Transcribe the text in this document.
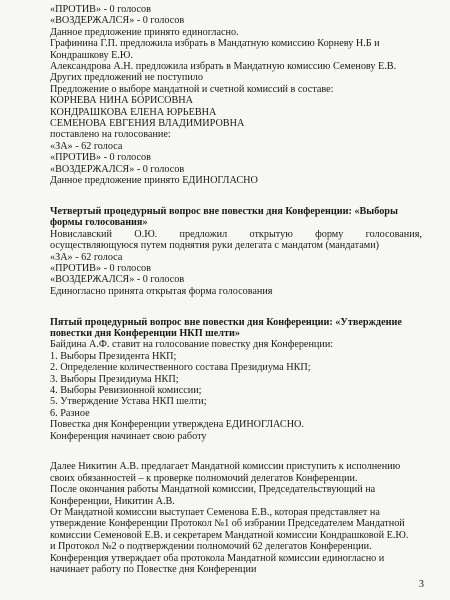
«ПРОТИВ» - 0 голосов
«ВОЗДЕРЖАЛСЯ» - 0 голосов
Данное предложение принято единогласно.
Графинина Г.П. предложила избрать в Мандатную комиссию Корневу Н.Б и
Кондрашкову Е.Ю.
Александрова А.Н. предложила избрать в Мандатную комиссию Семенову Е.В.
Других предложений не поступило
Предложение о выборе мандатной и счетной комиссий в составе:
КОРНЕВА НИНА БОРИСОВНА
КОНДРАШКОВА ЕЛЕНА ЮРЬЕВНА
СЕМЕНОВА ЕВГЕНИЯ ВЛАДИМИРОВНА
поставлено на голосование:
«ЗА» - 62 голоса
«ПРОТИВ» - 0 голосов
«ВОЗДЕРЖАЛСЯ» - 0 голосов
Данное предложение принято ЕДИНОГЛАСНО
Четвертый процедурный вопрос вне повестки дня Конференции: «Выборы
формы голосования»
Новиславский О.Ю. предложил открытую форму голосования,
осуществляющуюся путем поднятия руки делегата с мандатом (мандатами)
«ЗА» - 62 голоса
«ПРОТИВ» - 0 голосов
«ВОЗДЕРЖАЛСЯ» - 0 голосов
Единогласно принята открытая форма голосования
Пятый процедурный вопрос вне повестки дня Конференции: «Утверждение
повестки дня Конференции НКП шелти»
Байдина А.Ф. ставит на голосование повестку дня Конференции:
1. Выборы Президента НКП;
2. Определение количественного состава Президиума НКП;
3. Выборы Президиума НКП;
4. Выборы Ревизионной комиссии;
5. Утверждение Устава НКП шелти;
6. Разное
Повестка дня Конференции утверждена ЕДИНОГЛАСНО.
Конференция начинает свою работу
Далее Никитин А.В. предлагает Мандатной комиссии приступить к исполнению
своих обязанностей – к проверке полномочий делегатов Конференции.
После окончания работы Мандатной комиссии, Председательствующий на
Конференции, Никитин А.В.
От Мандатной комиссии выступает Семенова Е.В., которая представляет на
утверждение Конференции Протокол №1 об избрании Председателем Мандатной
комиссии Семеновой Е.В. и секретарем Мандатной комиссии Кондрашковой Е.Ю.
и Протокол №2 о подтверждении полномочий 62 делегатов Конференции.
Конференция утверждает оба протокола Мандатной комиссии единогласно и
начинает работу по Повестке дня Конференции
3
